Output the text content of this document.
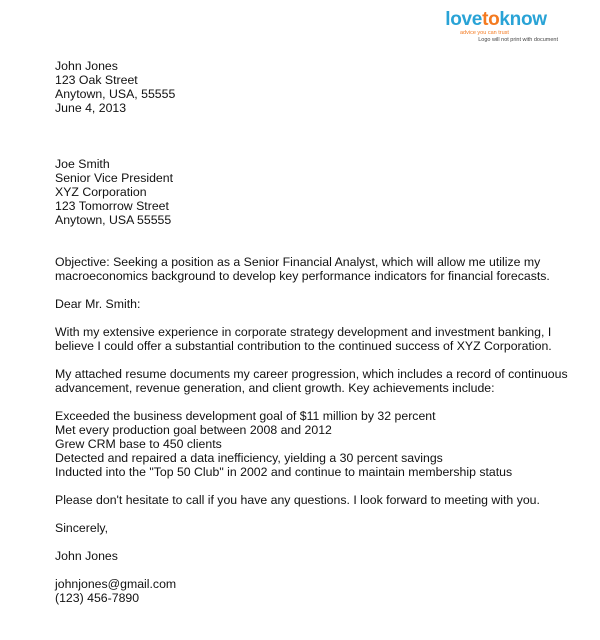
lovetoknow
advice you can trust
Logo will not print with document
John Jones
123 Oak Street
Anytown, USA, 55555
June 4, 2013
Joe Smith
Senior Vice President
XYZ Corporation
123 Tomorrow Street
Anytown, USA 55555
Objective: Seeking a position as a Senior Financial Analyst, which will allow me utilize my
macroeconomics background to develop key performance indicators for financial forecasts.
Dear Mr. Smith:
With my extensive experience in corporate strategy development and investment banking, I
believe I could offer a substantial contribution to the continued success of XYZ Corporation.
My attached resume documents my career progression, which includes a record of continuous
advancement, revenue generation, and client growth. Key achievements include:
Exceeded the business development goal of $11 million by 32 percent
Met every production goal between 2008 and 2012
Grew CRM base to 450 clients
Detected and repaired a data inefficiency, yielding a 30 percent savings
Inducted into the "Top 50 Club" in 2002 and continue to maintain membership status
Please don't hesitate to call if you have any questions. I look forward to meeting with you.
Sincerely,
John Jones
johnjones@gmail.com
(123) 456-7890
